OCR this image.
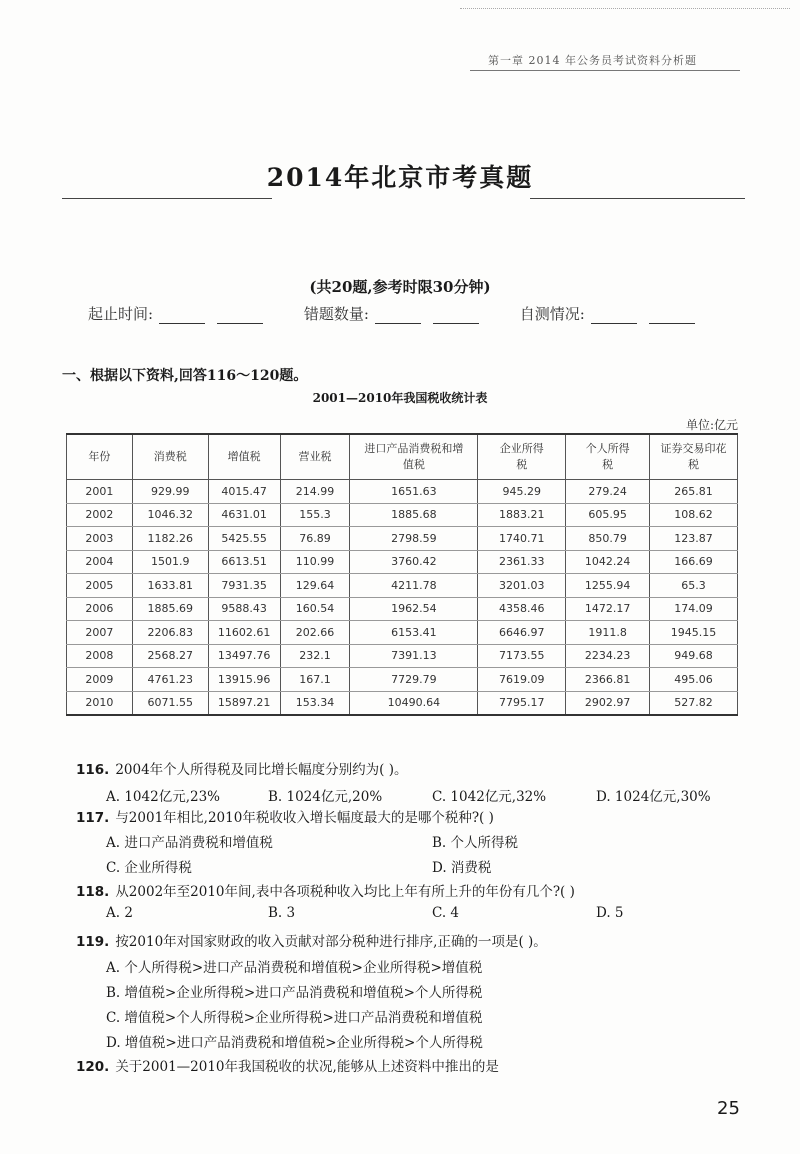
第一章 2014 年公务员考试资料分析题
2014年北京市考真题
(共20题,参考时限30分钟)
起止时间:	错题数量:	自测情况:
一、根据以下资料,回答116～120题。
2001—2010年我国税收统计表
单位:亿元
年份	消费税	增值税	营业税	进口产品消费税和增值税	企业所得税	个人所得税	证券交易印花税
2001	929.99	4015.47	214.99	1651.63	945.29	279.24	265.81
2002	1046.32	4631.01	155.3	1885.68	1883.21	605.95	108.62
2003	1182.26	5425.55	76.89	2798.59	1740.71	850.79	123.87
2004	1501.9	6613.51	110.99	3760.42	2361.33	1042.24	166.69
2005	1633.81	7931.35	129.64	4211.78	3201.03	1255.94	65.3
2006	1885.69	9588.43	160.54	1962.54	4358.46	1472.17	174.09
2007	2206.83	11602.61	202.66	6153.41	6646.97	1911.8	1945.15
2008	2568.27	13497.76	232.1	7391.13	7173.55	2234.23	949.68
2009	4761.23	13915.96	167.1	7729.79	7619.09	2366.81	495.06
2010	6071.55	15897.21	153.34	10490.64	7795.17	2902.97	527.82
116. 2004年个人所得税及同比增长幅度分别约为( )。
A. 1042亿元,23%	B. 1024亿元,20%	C. 1042亿元,32%	D. 1024亿元,30%
117. 与2001年相比,2010年税收收入增长幅度最大的是哪个税种?( )
A. 进口产品消费税和增值税	B. 个人所得税
C. 企业所得税	D. 消费税
118. 从2002年至2010年间,表中各项税种收入均比上年有所上升的年份有几个?( )
A. 2	B. 3	C. 4	D. 5
119. 按2010年对国家财政的收入贡献对部分税种进行排序,正确的一项是( )。
A. 个人所得税>进口产品消费税和增值税>企业所得税>增值税
B. 增值税>企业所得税>进口产品消费税和增值税>个人所得税
C. 增值税>个人所得税>企业所得税>进口产品消费税和增值税
D. 增值税>进口产品消费税和增值税>企业所得税>个人所得税
120. 关于2001—2010年我国税收的状况,能够从上述资料中推出的是
25
